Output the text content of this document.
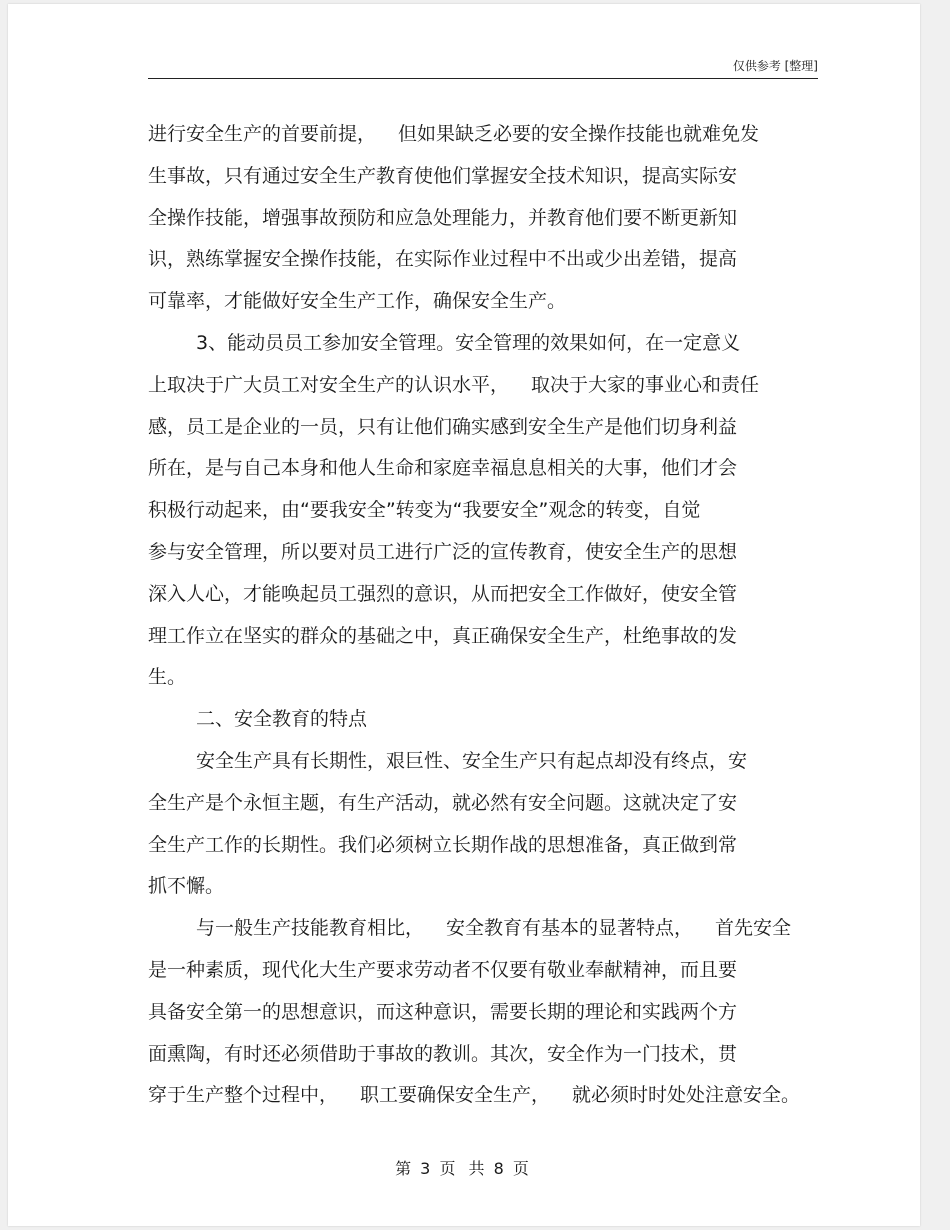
仅供参考 [整理]
进行安全生产的首要前提， 但如果缺乏必要的安全操作技能也就难免发
生事故，只有通过安全生产教育使他们掌握安全技术知识，提高实际安
全操作技能，增强事故预防和应急处理能力，并教育他们要不断更新知
识，熟练掌握安全操作技能，在实际作业过程中不出或少出差错，提高
可靠率，才能做好安全生产工作，确保安全生产。
3、能动员员工参加安全管理。安全管理的效果如何，在一定意义
上取决于广大员工对安全生产的认识水平， 取决于大家的事业心和责任
感，员工是企业的一员，只有让他们确实感到安全生产是他们切身利益
所在，是与自己本身和他人生命和家庭幸福息息相关的大事，他们才会
积极行动起来，由“要我安全”转变为“我要安全”观念的转变，自觉
参与安全管理，所以要对员工进行广泛的宣传教育，使安全生产的思想
深入人心，才能唤起员工强烈的意识，从而把安全工作做好，使安全管
理工作立在坚实的群众的基础之中，真正确保安全生产，杜绝事故的发
生。
二、安全教育的特点
安全生产具有长期性，艰巨性、安全生产只有起点却没有终点，安
全生产是个永恒主题，有生产活动，就必然有安全问题。这就决定了安
全生产工作的长期性。我们必须树立长期作战的思想准备，真正做到常
抓不懈。
与一般生产技能教育相比， 安全教育有基本的显著特点， 首先安全
是一种素质，现代化大生产要求劳动者不仅要有敬业奉献精神，而且要
具备安全第一的思想意识，而这种意识，需要长期的理论和实践两个方
面熏陶，有时还必须借助于事故的教训。其次，安全作为一门技术，贯
穿于生产整个过程中， 职工要确保安全生产， 就必须时时处处注意安全。
第 3 页 共 8 页
